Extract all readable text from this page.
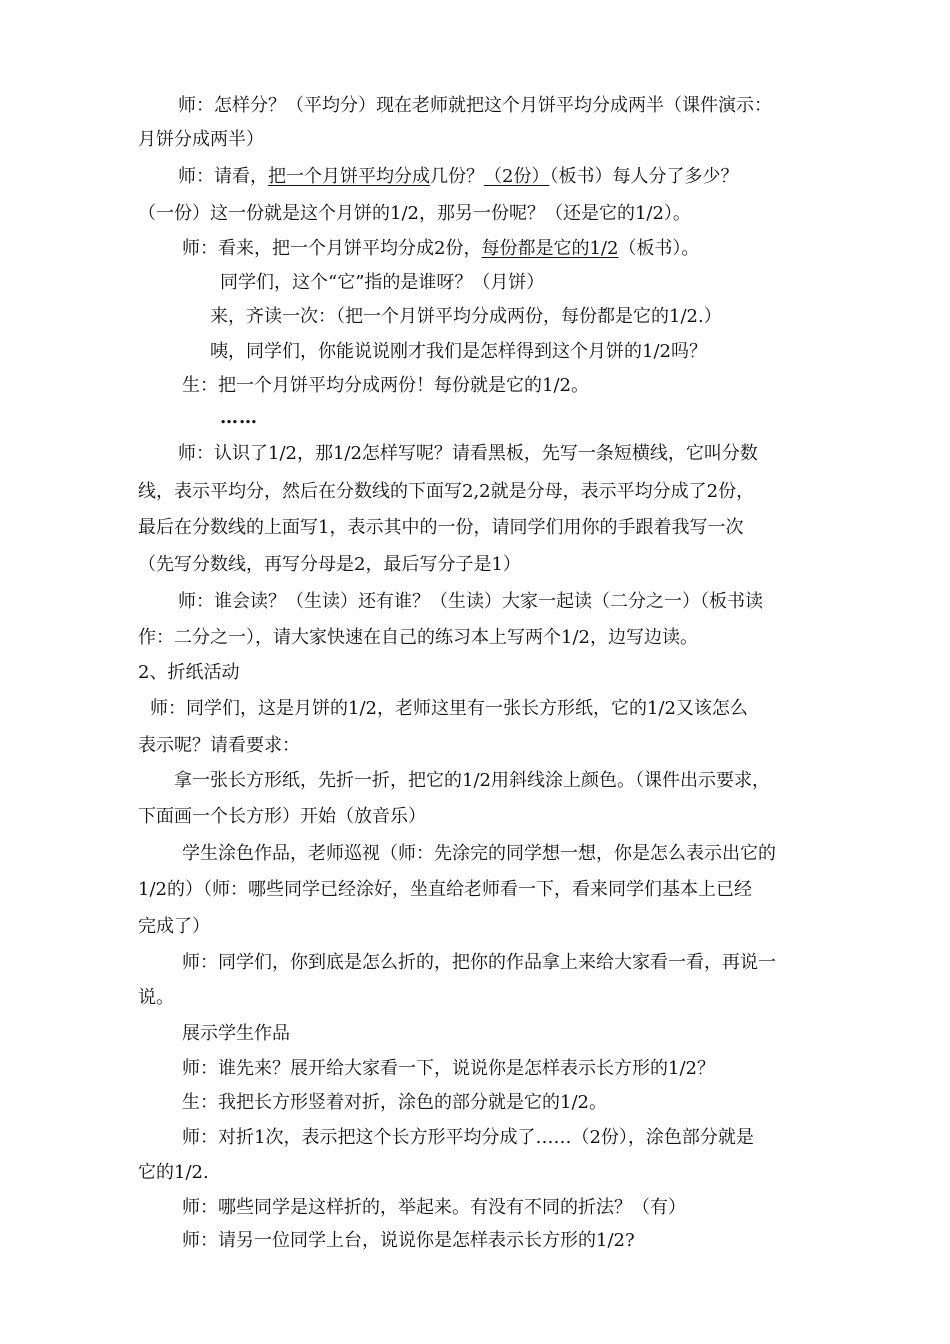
师：怎样分？（平均分）现在老师就把这个月饼平均分成两半（课件演示：
月饼分成两半）
师：请看，把一个月饼平均分成几份？（2份）（板书）每人分了多少？
（一份）这一份就是这个月饼的1/2，那另一份呢？（还是它的1/2）。
师：看来，把一个月饼平均分成2份，每份都是它的1/2（板书）。
同学们，这个“它”指的是谁呀？（月饼）
来，齐读一次：（把一个月饼平均分成两份，每份都是它的1/2.）
咦，同学们，你能说说刚才我们是怎样得到这个月饼的1/2吗？
生：把一个月饼平均分成两份！每份就是它的1/2。
……
师：认识了1/2，那1/2怎样写呢？请看黑板，先写一条短横线，它叫分数
线，表示平均分，然后在分数线的下面写2,2就是分母，表示平均分成了2份，
最后在分数线的上面写1，表示其中的一份，请同学们用你的手跟着我写一次
（先写分数线，再写分母是2，最后写分子是1）
师：谁会读？（生读）还有谁？（生读）大家一起读（二分之一）（板书读
作：二分之一），请大家快速在自己的练习本上写两个1/2，边写边读。
2、折纸活动
师：同学们，这是月饼的1/2，老师这里有一张长方形纸，它的1/2又该怎么
表示呢？请看要求：
拿一张长方形纸，先折一折，把它的1/2用斜线涂上颜色。（课件出示要求，
下面画一个长方形）开始（放音乐）
学生涂色作品，老师巡视（师：先涂完的同学想一想，你是怎么表示出它的
1/2的）（师：哪些同学已经涂好，坐直给老师看一下，看来同学们基本上已经
完成了）
师：同学们，你到底是怎么折的，把你的作品拿上来给大家看一看，再说一
说。
展示学生作品
师：谁先来？展开给大家看一下，说说你是怎样表示长方形的1/2？
生：我把长方形竖着对折，涂色的部分就是它的1/2。
师：对折1次，表示把这个长方形平均分成了……（2份），涂色部分就是
它的1/2.
师：哪些同学是这样折的，举起来。有没有不同的折法？（有）
师：请另一位同学上台，说说你是怎样表示长方形的1/2?
